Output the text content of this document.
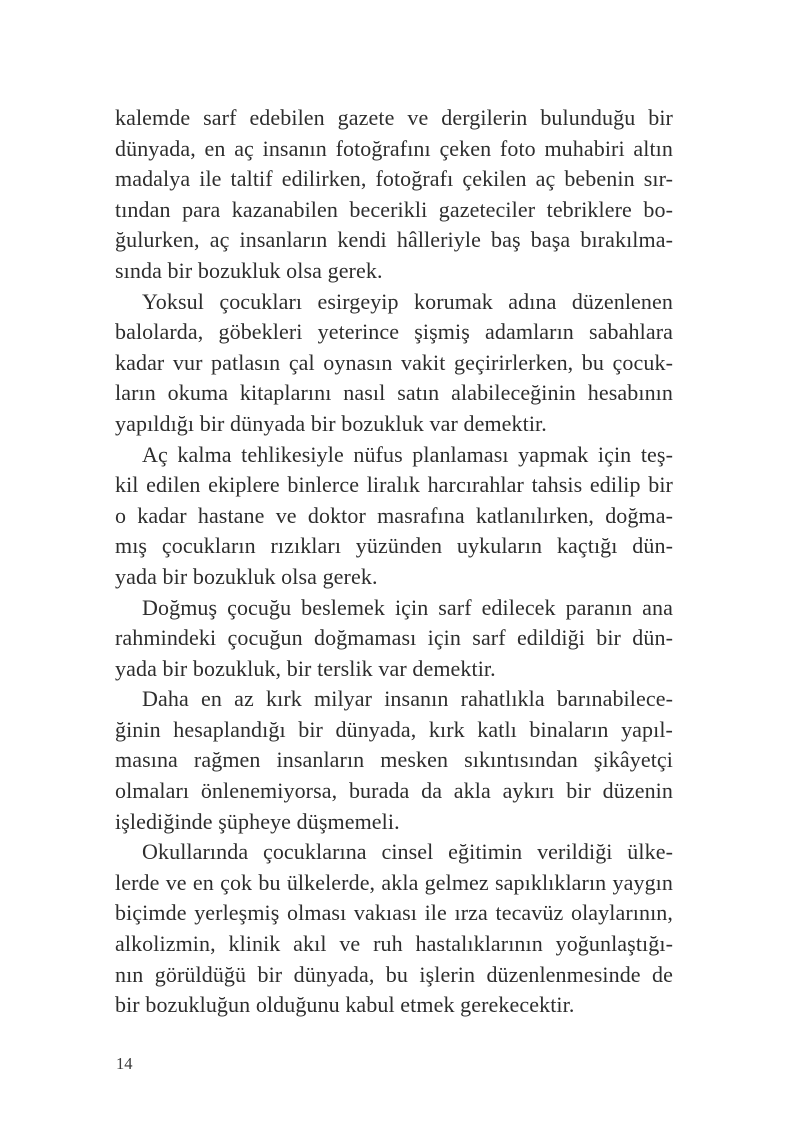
kalemde sarf edebilen gazete ve dergilerin bulunduğu bir
dünyada, en aç insanın fotoğrafını çeken foto muhabiri altın
madalya ile taltif edilirken, fotoğrafı çekilen aç bebenin sır-
tından para kazanabilen becerikli gazeteciler tebriklere bo-
ğulurken, aç insanların kendi hâlleriyle baş başa bırakılma-
sında bir bozukluk olsa gerek.
Yoksul çocukları esirgeyip korumak adına düzenlenen
balolarda, göbekleri yeterince şişmiş adamların sabahlara
kadar vur patlasın çal oynasın vakit geçirirlerken, bu çocuk-
ların okuma kitaplarını nasıl satın alabileceğinin hesabının
yapıldığı bir dünyada bir bozukluk var demektir.
Aç kalma tehlikesiyle nüfus planlaması yapmak için teş-
kil edilen ekiplere binlerce liralık harcırahlar tahsis edilip bir
o kadar hastane ve doktor masrafına katlanılırken, doğma-
mış çocukların rızıkları yüzünden uykuların kaçtığı dün-
yada bir bozukluk olsa gerek.
Doğmuş çocuğu beslemek için sarf edilecek paranın ana
rahmindeki çocuğun doğmaması için sarf edildiği bir dün-
yada bir bozukluk, bir terslik var demektir.
Daha en az kırk milyar insanın rahatlıkla barınabilece-
ğinin hesaplandığı bir dünyada, kırk katlı binaların yapıl-
masına rağmen insanların mesken sıkıntısından şikâyetçi
olmaları önlenemiyorsa, burada da akla aykırı bir düzenin
işlediğinde şüpheye düşmemeli.
Okullarında çocuklarına cinsel eğitimin verildiği ülke-
lerde ve en çok bu ülkelerde, akla gelmez sapıklıkların yaygın
biçimde yerleşmiş olması vakıası ile ırza tecavüz olaylarının,
alkolizmin, klinik akıl ve ruh hastalıklarının yoğunlaştığı-
nın görüldüğü bir dünyada, bu işlerin düzenlenmesinde de
bir bozukluğun olduğunu kabul etmek gerekecektir.
14
